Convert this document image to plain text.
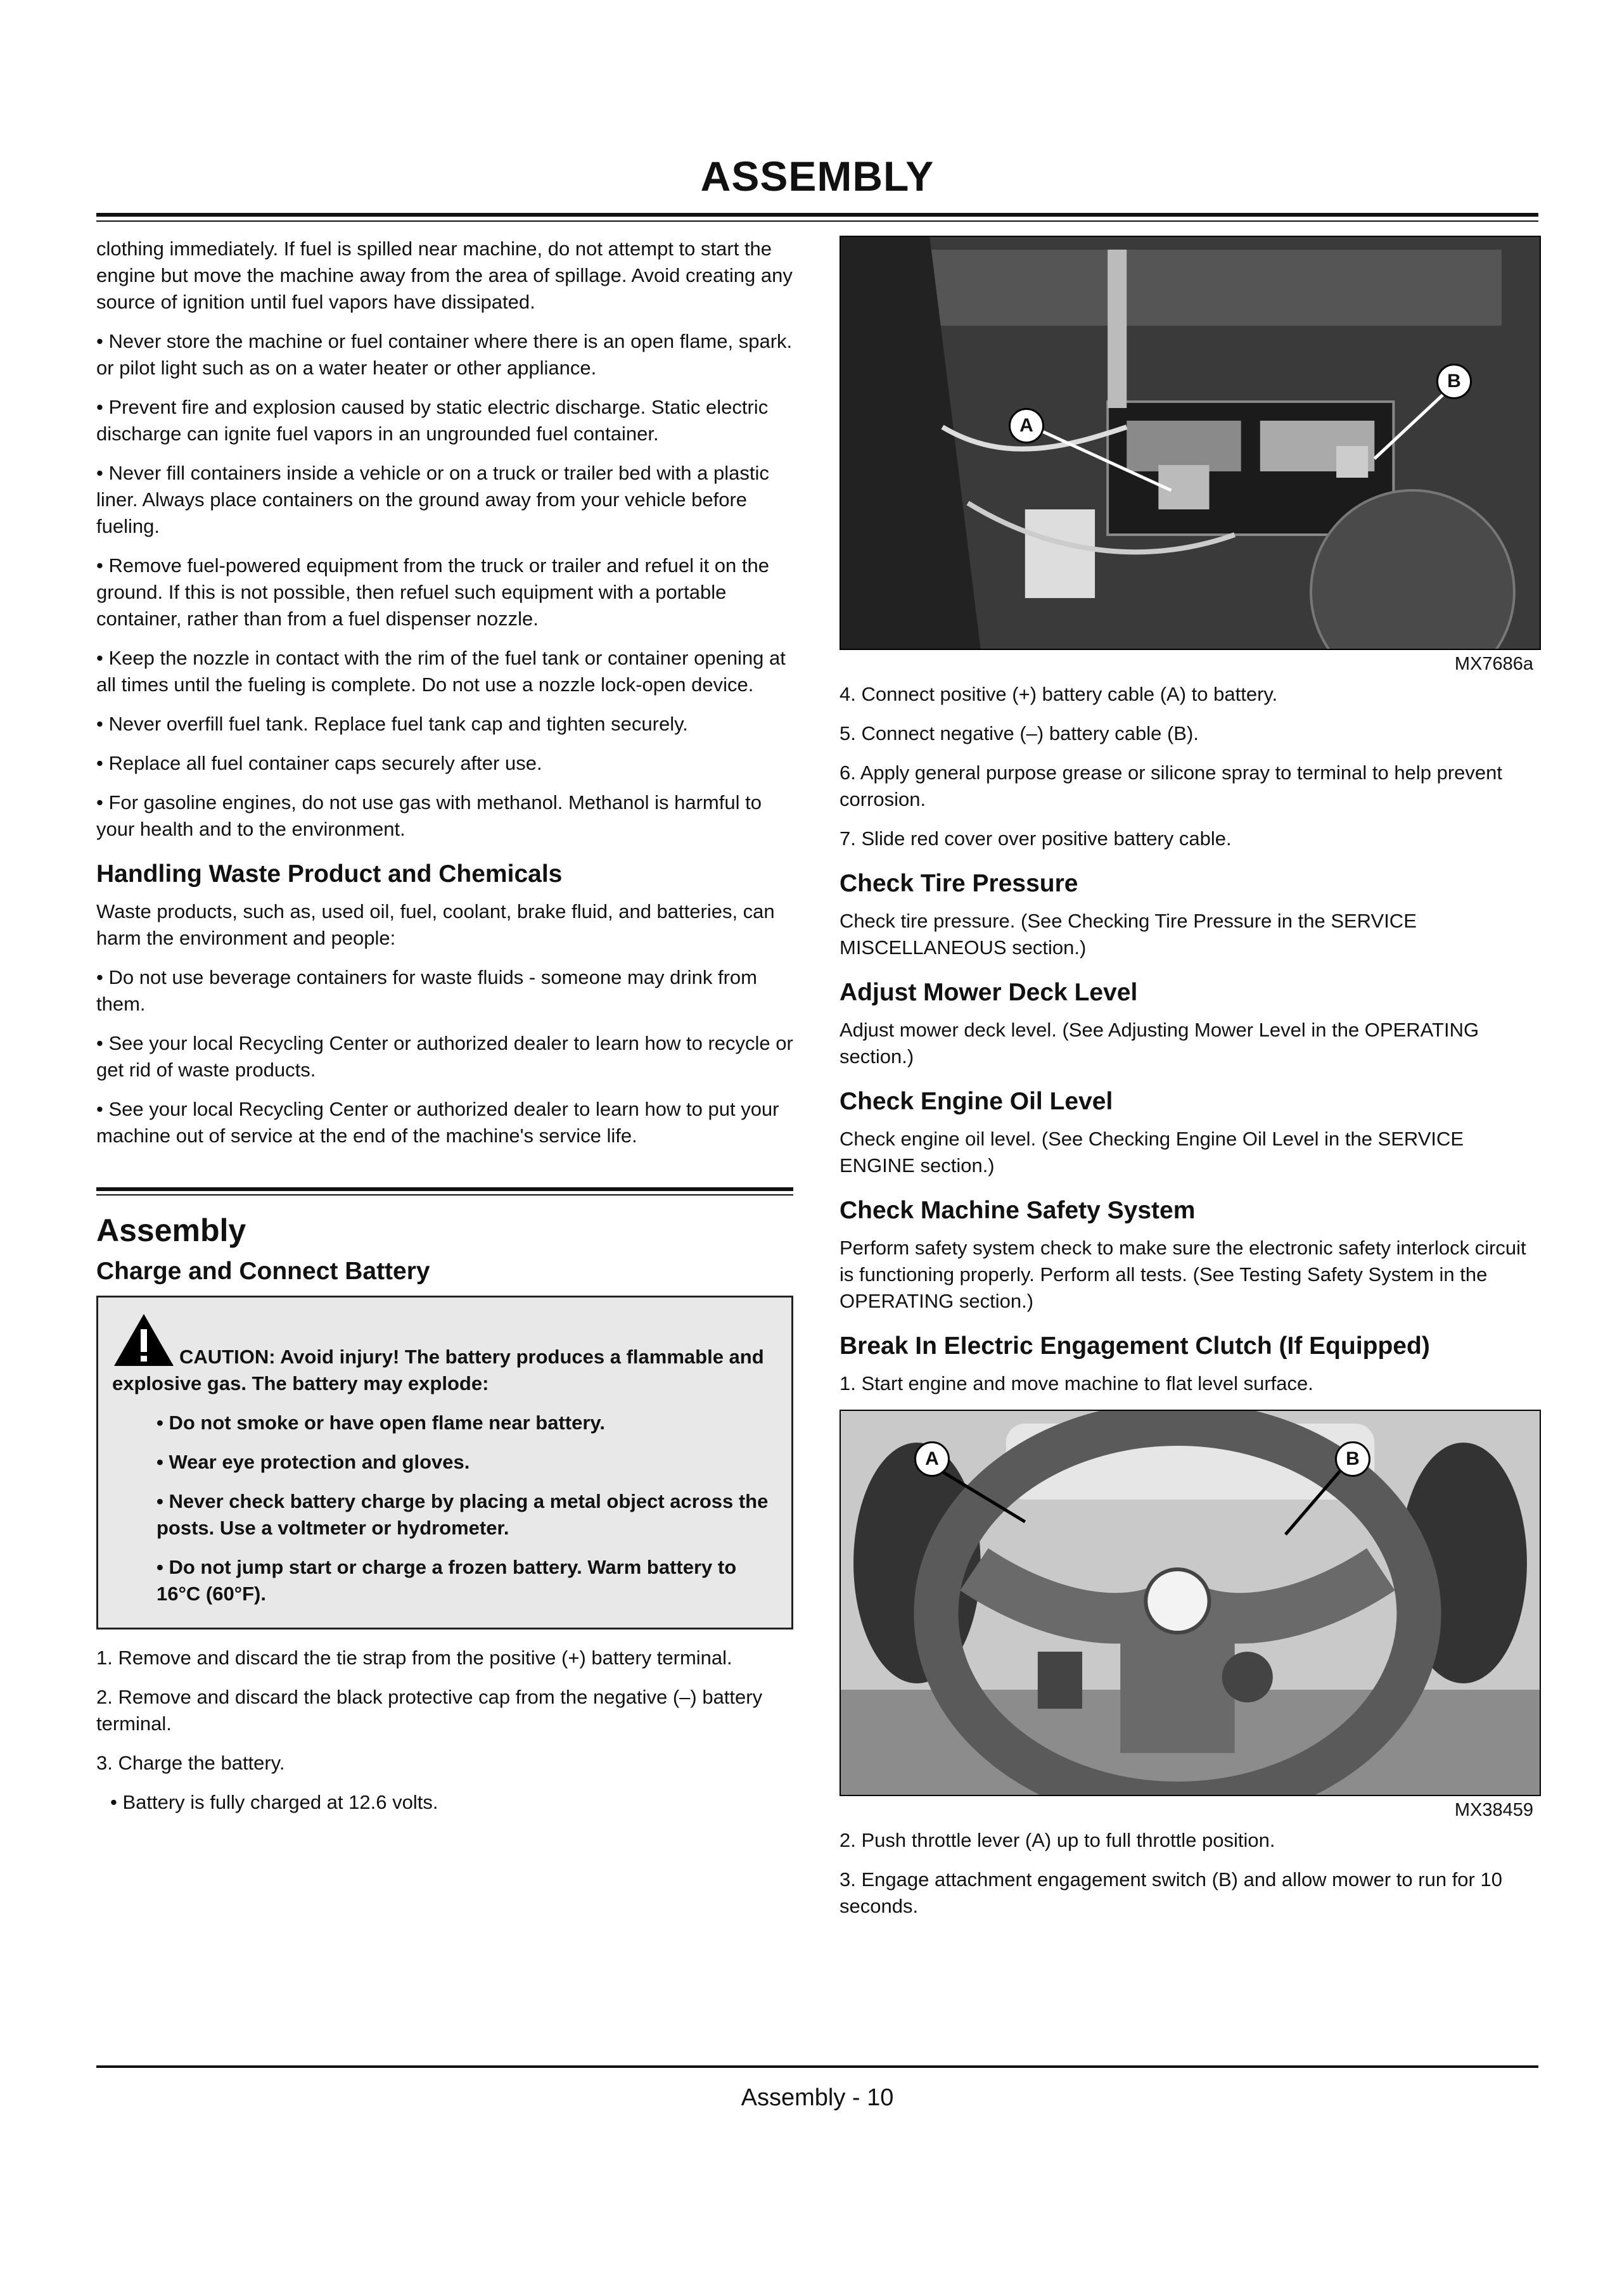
ASSEMBLY

clothing immediately. If fuel is spilled near machine, do not attempt to start the engine but move the machine away from the area of spillage. Avoid creating any source of ignition until fuel vapors have dissipated.

• Never store the machine or fuel container where there is an open flame, spark. or pilot light such as on a water heater or other appliance.

• Prevent fire and explosion caused by static electric discharge. Static electric discharge can ignite fuel vapors in an ungrounded fuel container.

• Never fill containers inside a vehicle or on a truck or trailer bed with a plastic liner. Always place containers on the ground away from your vehicle before fueling.

• Remove fuel-powered equipment from the truck or trailer and refuel it on the ground. If this is not possible, then refuel such equipment with a portable container, rather than from a fuel dispenser nozzle.

• Keep the nozzle in contact with the rim of the fuel tank or container opening at all times until the fueling is complete. Do not use a nozzle lock-open device.

• Never overfill fuel tank. Replace fuel tank cap and tighten securely.

• Replace all fuel container caps securely after use.

• For gasoline engines, do not use gas with methanol. Methanol is harmful to your health and to the environment.

Handling Waste Product and Chemicals

Waste products, such as, used oil, fuel, coolant, brake fluid, and batteries, can harm the environment and people:

• Do not use beverage containers for waste fluids - someone may drink from them.

• See your local Recycling Center or authorized dealer to learn how to recycle or get rid of waste products.

• See your local Recycling Center or authorized dealer to learn how to put your machine out of service at the end of the machine's service life.

Assembly
Charge and Connect Battery

CAUTION: Avoid injury! The battery produces a flammable and explosive gas. The battery may explode:

• Do not smoke or have open flame near battery.

• Wear eye protection and gloves.

• Never check battery charge by placing a metal object across the posts. Use a voltmeter or hydrometer.

• Do not jump start or charge a frozen battery. Warm battery to 16°C (60°F).

1. Remove and discard the tie strap from the positive (+) battery terminal.

2. Remove and discard the black protective cap from the negative (–) battery terminal.

3. Charge the battery.

• Battery is fully charged at 12.6 volts.

A
B
MX7686a

4. Connect positive (+) battery cable (A) to battery.

5. Connect negative (–) battery cable (B).

6. Apply general purpose grease or silicone spray to terminal to help prevent corrosion.

7. Slide red cover over positive battery cable.

Check Tire Pressure

Check tire pressure. (See Checking Tire Pressure in the SERVICE MISCELLANEOUS section.)

Adjust Mower Deck Level

Adjust mower deck level. (See Adjusting Mower Level in the OPERATING section.)

Check Engine Oil Level

Check engine oil level. (See Checking Engine Oil Level in the SERVICE ENGINE section.)

Check Machine Safety System

Perform safety system check to make sure the electronic safety interlock circuit is functioning properly. Perform all tests. (See Testing Safety System in the OPERATING section.)

Break In Electric Engagement Clutch (If Equipped)

1. Start engine and move machine to flat level surface.

A	B
MX38459

2. Push throttle lever (A) up to full throttle position.

3. Engage attachment engagement switch (B) and allow mower to run for 10 seconds.

Assembly - 10
